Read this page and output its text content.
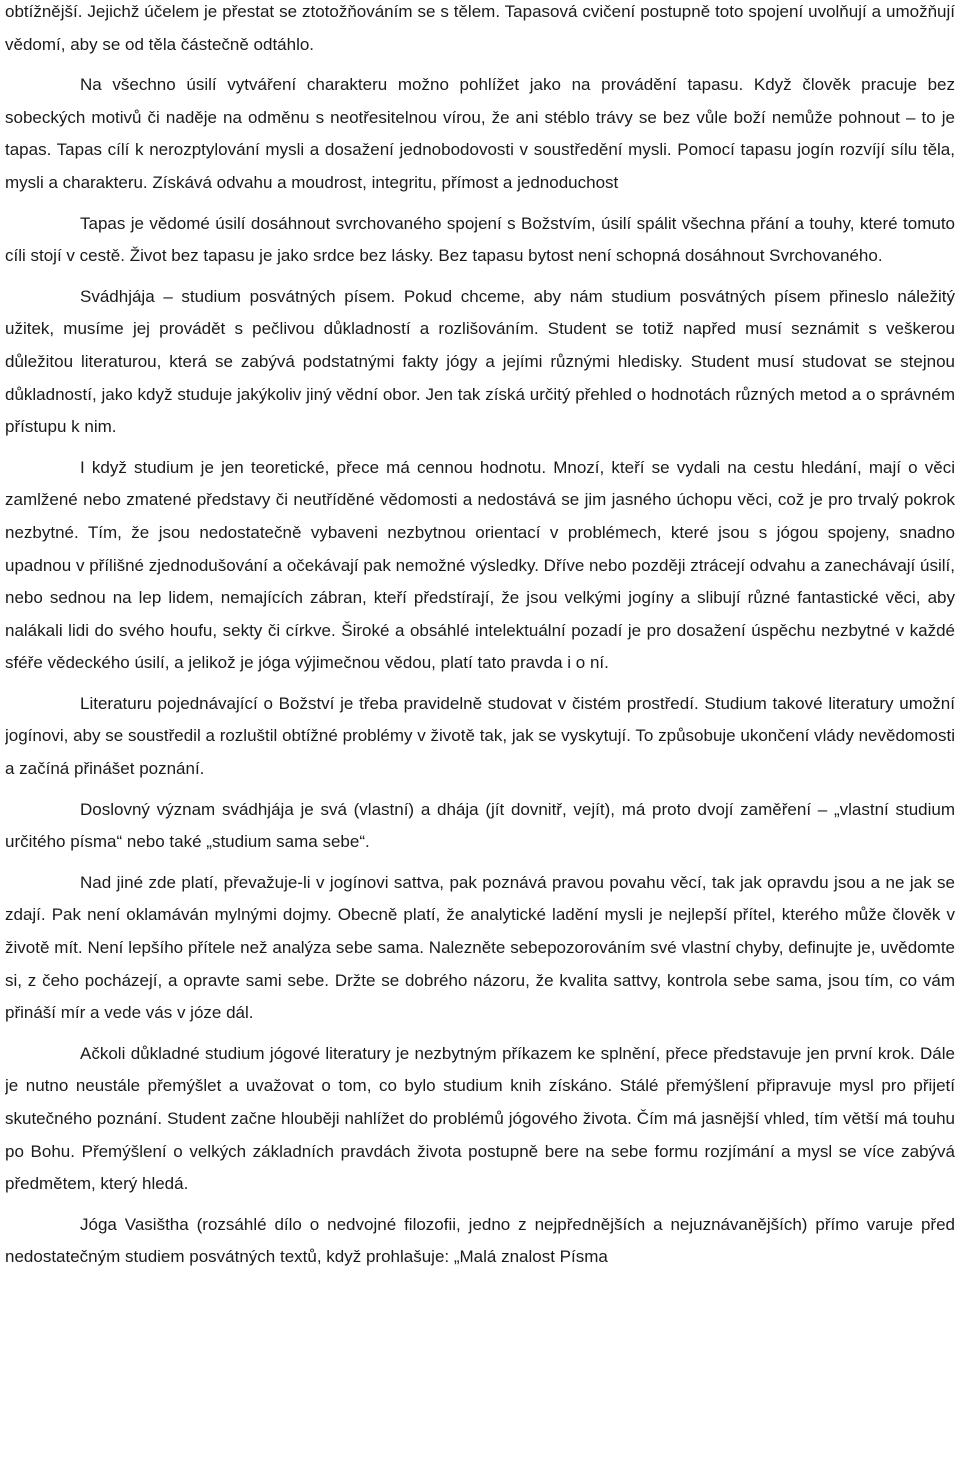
obtížnější. Jejichž účelem je přestat se ztotožňováním se s tělem. Tapasová cvičení postupně toto spojení uvolňují a umožňují vědomí, aby se od těla částečně odtáhlo.

Na všechno úsilí vytváření charakteru možno pohlížet jako na provádění tapasu. Když člověk pracuje bez sobeckých motivů či naděje na odměnu s neotřesitelnou vírou, že ani stéblo trávy se bez vůle boží nemůže pohnout – to je tapas. Tapas cílí k nerozptylování mysli a dosažení jednobodovosti v soustředění mysli. Pomocí tapasu jogín rozvíjí sílu těla, mysli a charakteru. Získává odvahu a moudrost, integritu, přímost a jednoduchost

Tapas je vědomé úsilí dosáhnout svrchovaného spojení s Božstvím, úsilí spálit všechna přání a touhy, které tomuto cíli stojí v cestě. Život bez tapasu je jako srdce bez lásky. Bez tapasu bytost není schopná dosáhnout Svrchovaného.

Svádhjája – studium posvátných písem. Pokud chceme, aby nám studium posvátných písem přineslo náležitý užitek, musíme jej provádět s pečlivou důkladností a rozlišováním. Student se totiž napřed musí seznámit s veškerou důležitou literaturou, která se zabývá podstatnými fakty jógy a jejími různými hledisky. Student musí studovat se stejnou důkladností, jako když studuje jakýkoliv jiný vědní obor. Jen tak získá určitý přehled o hodnotách různých metod a o správném přístupu k nim.

I když studium je jen teoretické, přece má cennou hodnotu. Mnozí, kteří se vydali na cestu hledání, mají o věci zamlžené nebo zmatené představy či neutříděné vědomosti a nedostává se jim jasného úchopu věci, což je pro trvalý pokrok nezbytné. Tím, že jsou nedostatečně vybaveni nezbytnou orientací v problémech, které jsou s jógou spojeny, snadno upadnou v přílišné zjednodušování a očekávají pak nemožné výsledky. Dříve nebo později ztrácejí odvahu a zanechávají úsilí, nebo sednou na lep lidem, nemajících zábran, kteří předstírají, že jsou velkými jogíny a slibují různé fantastické věci, aby nalákali lidi do svého houfu, sekty či církve. Široké a obsáhlé intelektuální pozadí je pro dosažení úspěchu nezbytné v každé sféře vědeckého úsilí, a jelikož je jóga výjimečnou vědou, platí tato pravda i o ní.

Literaturu pojednávající o Božství je třeba pravidelně studovat v čistém prostředí. Studium takové literatury umožní jogínovi, aby se soustředil a rozluštil obtížné problémy v životě tak, jak se vyskytují. To způsobuje ukončení vlády nevědomosti a začíná přinášet poznání.

Doslovný význam svádhjája je svá (vlastní) a dhája (jít dovnitř, vejít), má proto dvojí zaměření – „vlastní studium určitého písma“ nebo také „studium sama sebe“.

Nad jiné zde platí, převažuje-li v jogínovi sattva, pak poznává pravou povahu věcí, tak jak opravdu jsou a ne jak se zdají. Pak není oklamáván mylnými dojmy. Obecně platí, že analytické ladění mysli je nejlepší přítel, kterého může člověk v životě mít. Není lepšího přítele než analýza sebe sama. Nalezněte sebepozorováním své vlastní chyby, definujte je, uvědomte si, z čeho pocházejí, a opravte sami sebe. Držte se dobrého názoru, že kvalita sattvy, kontrola sebe sama, jsou tím, co vám přináší mír a vede vás v józe dál.

Ačkoli důkladné studium jógové literatury je nezbytným příkazem ke splnění, přece představuje jen první krok. Dále je nutno neustále přemýšlet a uvažovat o tom, co bylo studium knih získáno. Stálé přemýšlení připravuje mysl pro přijetí skutečného poznání. Student začne hlouběji nahlížet do problémů jógového života. Čím má jasnější vhled, tím větší má touhu po Bohu. Přemýšlení o velkých základních pravdách života postupně bere na sebe formu rozjímání a mysl se více zabývá předmětem, který hledá.

Jóga Vasištha (rozsáhlé dílo o nedvojné filozofii, jedno z nejpřednějších a nejuznávanějších) přímo varuje před nedostatečným studiem posvátných textů, když prohlašuje: „Malá znalost Písma
